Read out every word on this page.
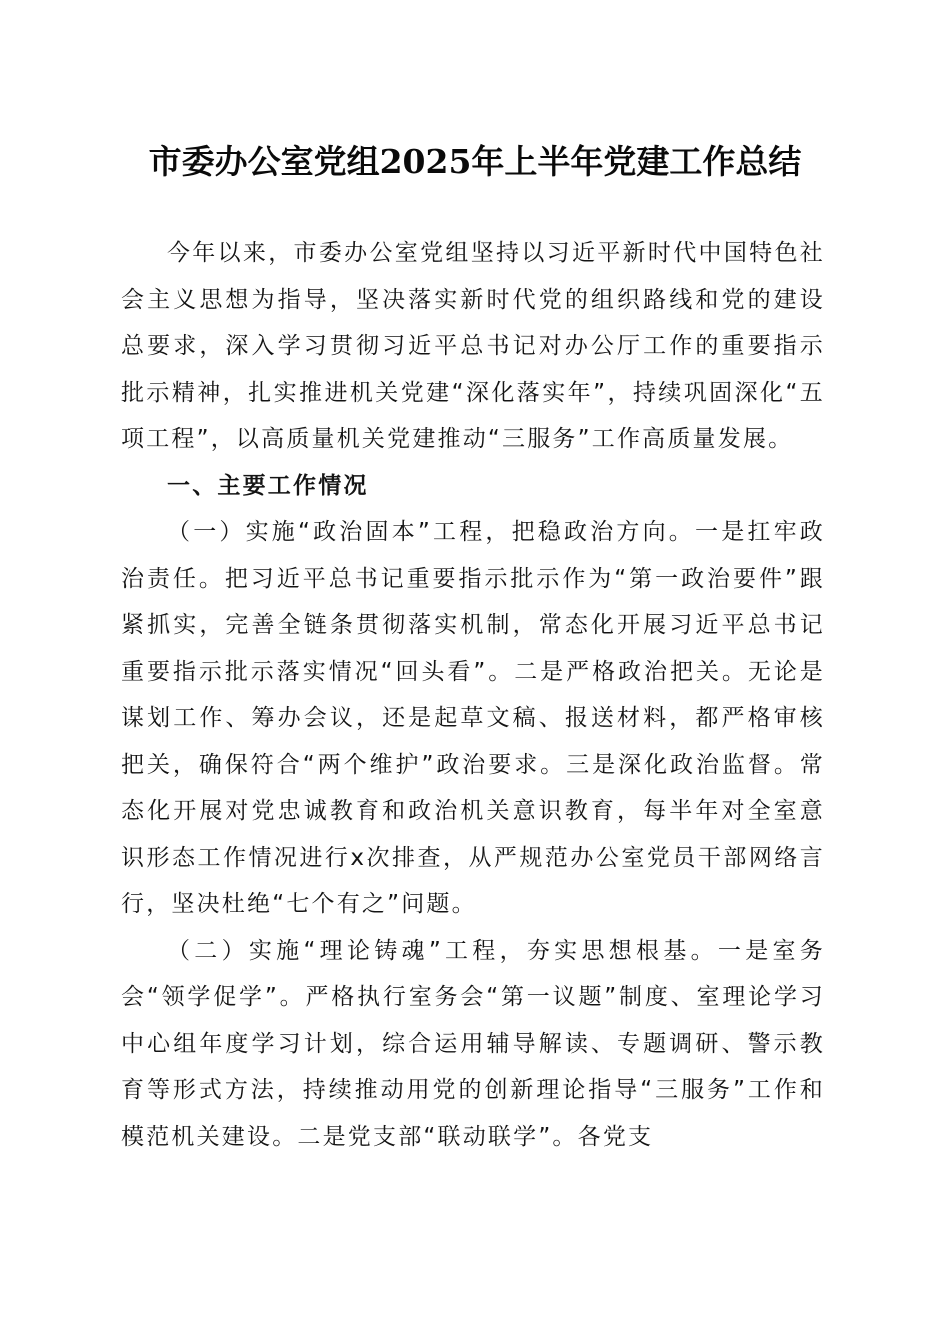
市委办公室党组2025年上半年党建工作总结

今年以来，市委办公室党组坚持以习近平新时代中国特色社会主义思想为指导，坚决落实新时代党的组织路线和党的建设总要求，深入学习贯彻习近平总书记对办公厅工作的重要指示批示精神，扎实推进机关党建“深化落实年”，持续巩固深化“五项工程”，以高质量机关党建推动“三服务”工作高质量发展。

一、主要工作情况

（一）实施“政治固本”工程，把稳政治方向。一是扛牢政治责任。把习近平总书记重要指示批示作为“第一政治要件”跟紧抓实，完善全链条贯彻落实机制，常态化开展习近平总书记重要指示批示落实情况“回头看”。二是严格政治把关。无论是谋划工作、筹办会议，还是起草文稿、报送材料，都严格审核把关，确保符合“两个维护”政治要求。三是深化政治监督。常态化开展对党忠诚教育和政治机关意识教育，每半年对全室意识形态工作情况进行x次排查，从严规范办公室党员干部网络言行，坚决杜绝“七个有之”问题。

（二）实施“理论铸魂”工程，夯实思想根基。一是室务会“领学促学”。严格执行室务会“第一议题”制度、室理论学习中心组年度学习计划，综合运用辅导解读、专题调研、警示教育等形式方法，持续推动用党的创新理论指导“三服务”工作和模范机关建设。二是党支部“联动联学”。各党支
